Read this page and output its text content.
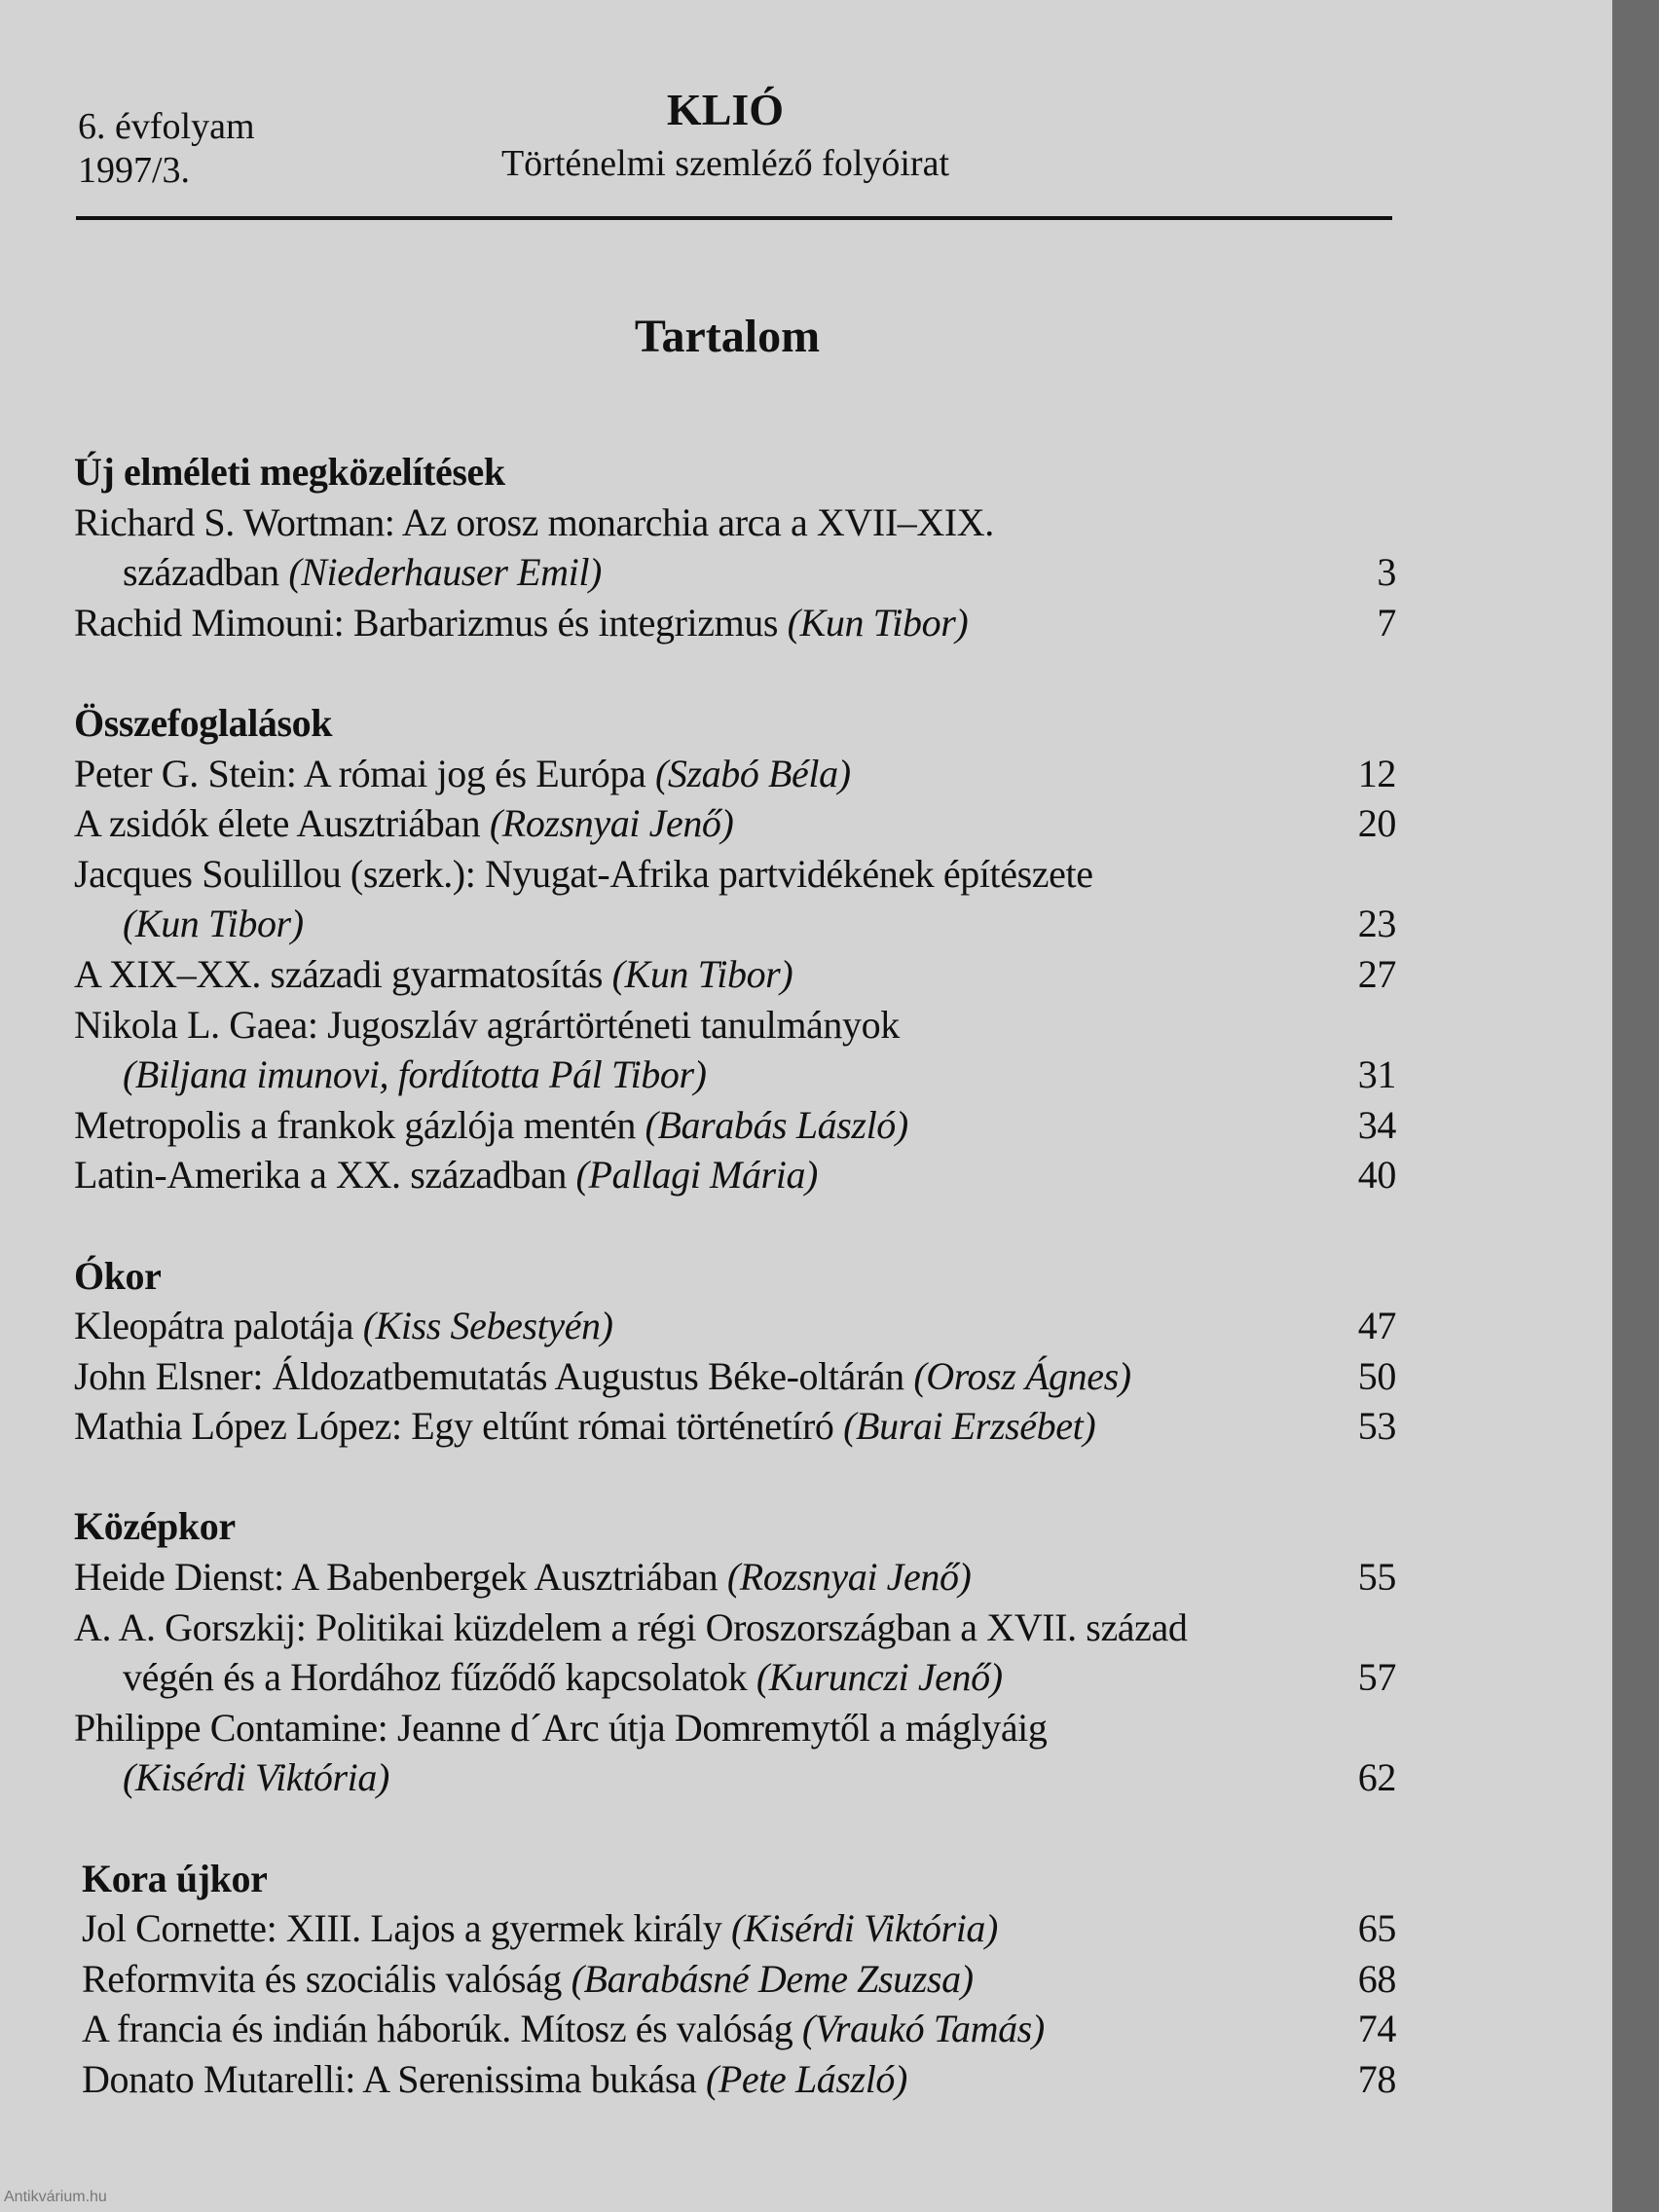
6. évfolyam
1997/3.
KLIÓ
Történelmi szemléző folyóirat
Tartalom
Új elméleti megközelítések
Richard S. Wortman: Az orosz monarchia arca a XVII–XIX.
században (Niederhauser Emil)	3
Rachid Mimouni: Barbarizmus és integrizmus (Kun Tibor)	7
Összefoglalások
Peter G. Stein: A római jog és Európa (Szabó Béla)	12
A zsidók élete Ausztriában (Rozsnyai Jenő)	20
Jacques Soulillou (szerk.): Nyugat-Afrika partvidékének építészete
(Kun Tibor)	23
A XIX–XX. századi gyarmatosítás (Kun Tibor)	27
Nikola L. Gaea: Jugoszláv agrártörténeti tanulmányok
(Biljana imunovi, fordította Pál Tibor)	31
Metropolis a frankok gázlója mentén (Barabás László)	34
Latin-Amerika a XX. században (Pallagi Mária)	40
Ókor
Kleopátra palotája (Kiss Sebestyén)	47
John Elsner: Áldozatbemutatás Augustus Béke-oltárán (Orosz Ágnes)	50
Mathia López López: Egy eltűnt római történetíró (Burai Erzsébet)	53
Középkor
Heide Dienst: A Babenbergek Ausztriában (Rozsnyai Jenő)	55
A. A. Gorszkij: Politikai küzdelem a régi Oroszországban a XVII. század
végén és a Hordához fűződő kapcsolatok (Kurunczi Jenő)	57
Philippe Contamine: Jeanne d´Arc útja Domremytől a máglyáig
(Kisérdi Viktória)	62
Kora újkor
Jol Cornette: XIII. Lajos a gyermek király (Kisérdi Viktória)	65
Reformvita és szociális valóság (Barabásné Deme Zsuzsa)	68
A francia és indián háborúk. Mítosz és valóság (Vraukó Tamás)	74
Donato Mutarelli: A Serenissima bukása (Pete László)	78
Antikvárium.hu
